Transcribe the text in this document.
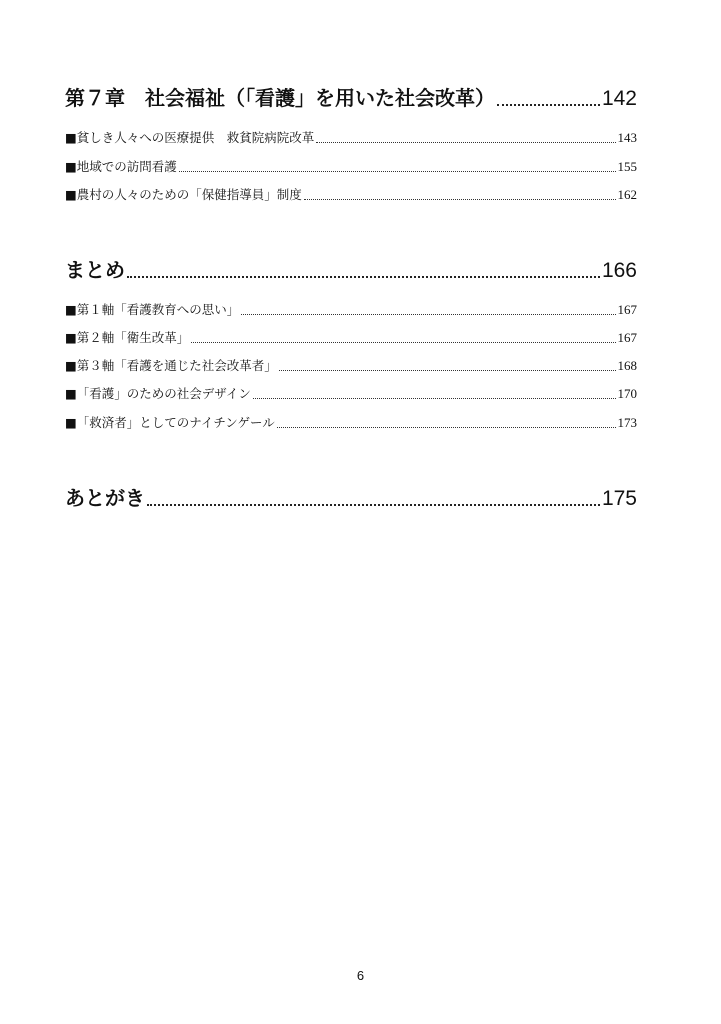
第７章　社会福祉（「看護」を用いた社会改革）	142
■貧しき人々への医療提供　救貧院病院改革	143
■地域での訪問看護	155
■農村の人々のための「保健指導員」制度	162
まとめ	166
■第１軸「看護教育への思い」	167
■第２軸「衛生改革」	167
■第３軸「看護を通じた社会改革者」	168
■「看護」のための社会デザイン	170
■「救済者」としてのナイチンゲール	173
あとがき	175
6
